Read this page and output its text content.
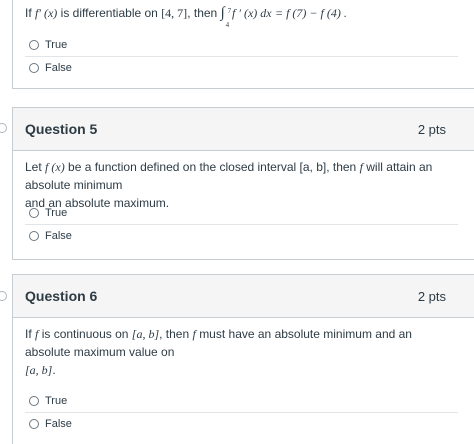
If f′ (x) is differentiable on [4, 7], then ∫ 7
4
f ′ (x) dx = f (7) − f (4) .
True
False
Question 5	2 pts
Let f (x) be a function defined on the closed interval [a, b], then f will attain an absolute minimum
and an absolute maximum.
True
False
Question 6	2 pts
If f is continuous on [a, b], then f must have an absolute minimum and an absolute maximum value on
[a, b].
True
False
